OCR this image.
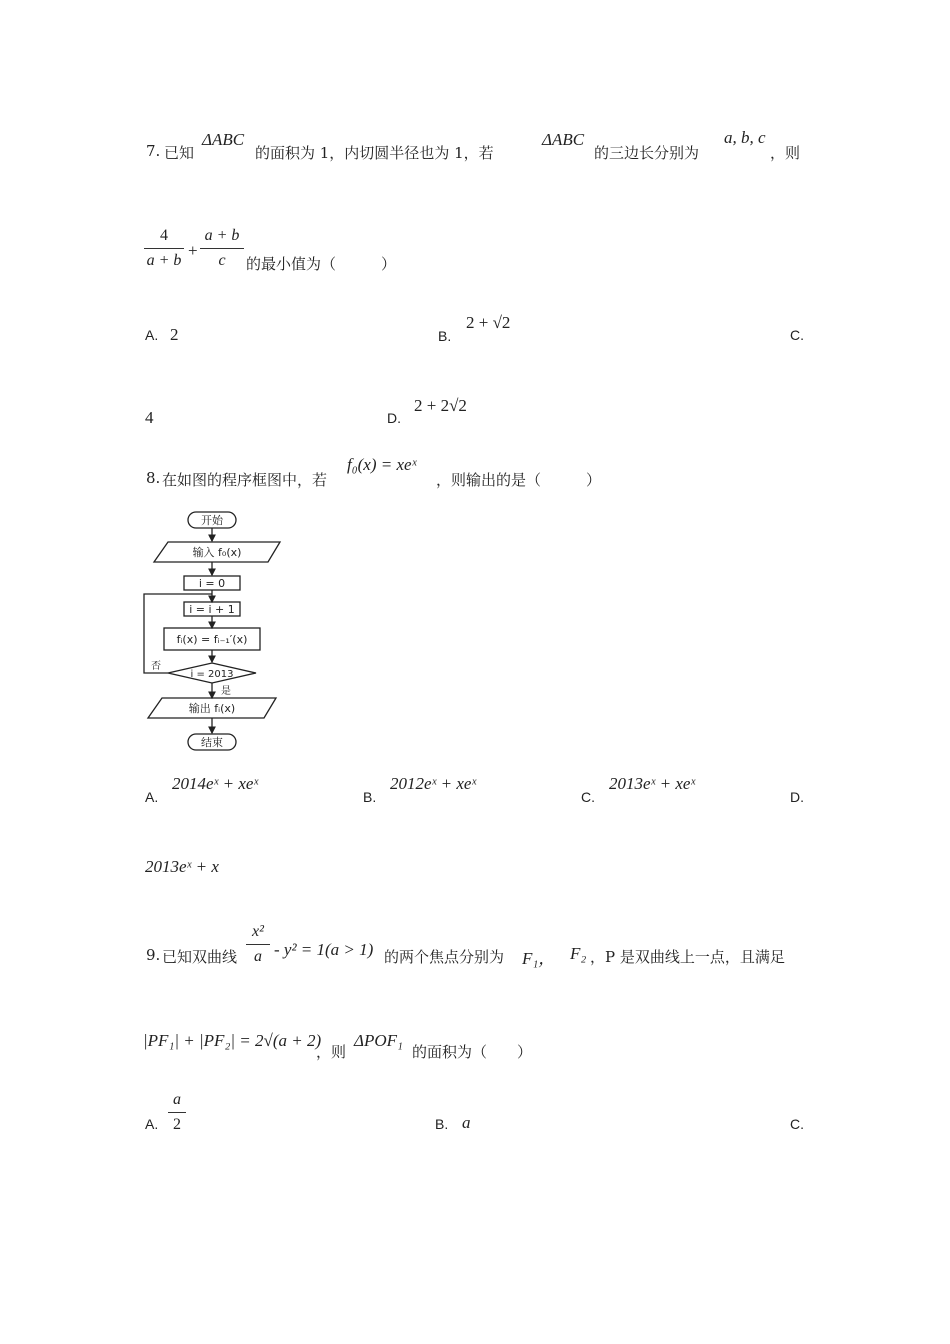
7. 已知
ΔABC
的面积为 1，内切圆半径也为 1，若
ΔABC
的三边长分别为
a, b, c
，则
4
a + b
+
a + b
c	的最小值为（　　　）
A. 2	B.
2 + √2
C.
4	D.
2 + 2√2
8. 在如图的程序框图中，若
f₀(x) = xeˣ
，则输出的是（　　　）
开始
输入 f₀(x)
i = 0
i = i + 1
fᵢ(x) = fᵢ₋₁′(x)
i = 2013
否
是
输出 fᵢ(x)
结束
A.
2014eˣ + xeˣ
B.
2012eˣ + xeˣ
C.
2013eˣ + xeˣ
D.
2013eˣ + x
9. 已知双曲线
x²
a - y² = 1(a > 1) 的两个焦点分别为 F₁， F₂ ，P 是双曲线上一点，且满足
|PF₁| + |PF₂| = 2√(a + 2)
，则
ΔPOF₁
的面积为（　　）
A.
a
2	B. a	C.
